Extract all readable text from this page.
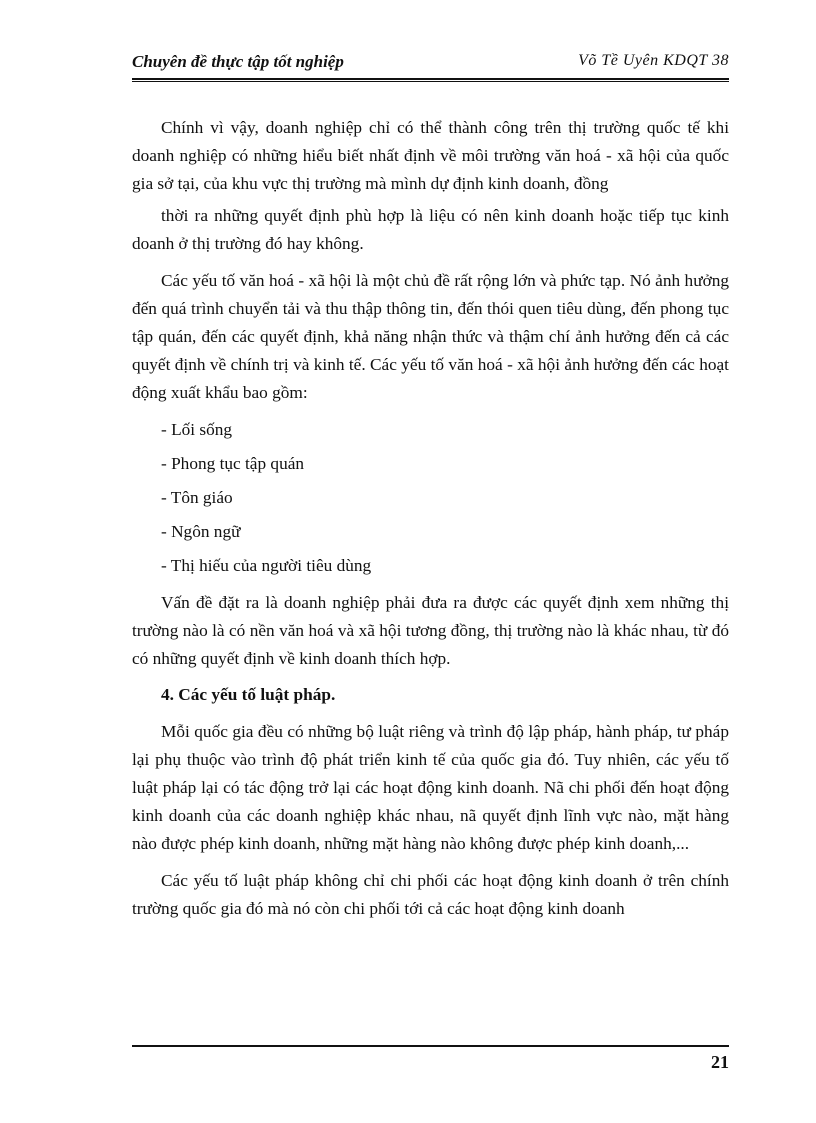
Chuyên đề thực tập tốt nghiệp	Võ Tề Uyên KDQT 38

Chính vì vậy, doanh nghiệp chỉ có thể thành công trên thị trường quốc tế khi doanh nghiệp có những hiểu biết nhất định về môi trường văn hoá - xã hội của quốc gia sở tại, của khu vực thị trường mà mình dự định kinh doanh, đồng

thời ra những quyết định phù hợp là liệu có nên kinh doanh hoặc tiếp tục kinh doanh ở thị trường đó hay không.

Các yếu tố văn hoá - xã hội là một chủ đề rất rộng lớn và phức tạp. Nó ảnh hưởng đến quá trình chuyển tải và thu thập thông tin, đến thói quen tiêu dùng, đến phong tục tập quán, đến các quyết định, khả năng nhận thức và thậm chí ảnh hưởng đến cả các quyết định về chính trị và kinh tế. Các yếu tố văn hoá - xã hội ảnh hưởng đến các hoạt động xuất khẩu bao gồm:

- Lối sống

- Phong tục tập quán

- Tôn giáo

- Ngôn ngữ

- Thị hiếu của người tiêu dùng

Vấn đề đặt ra là doanh nghiệp phải đưa ra được các quyết định xem những thị trường nào là có nền văn hoá và xã hội tương đồng, thị trường nào là khác nhau, từ đó có những quyết định về kinh doanh thích hợp.

4. Các yếu tố luật pháp.

Mỗi quốc gia đều có những bộ luật riêng và trình độ lập pháp, hành pháp, tư pháp lại phụ thuộc vào trình độ phát triển kinh tế của quốc gia đó. Tuy nhiên, các yếu tố luật pháp lại có tác động trở lại các hoạt động kinh doanh. Nã chi phối đến hoạt động kinh doanh của các doanh nghiệp khác nhau, nã quyết định lĩnh vực nào, mặt hàng nào được phép kinh doanh, những mặt hàng nào không được phép kinh doanh,...

Các yếu tố luật pháp không chỉ chi phối các hoạt động kinh doanh ở trên chính trường quốc gia đó mà nó còn chi phối tới cả các hoạt động kinh doanh

21
